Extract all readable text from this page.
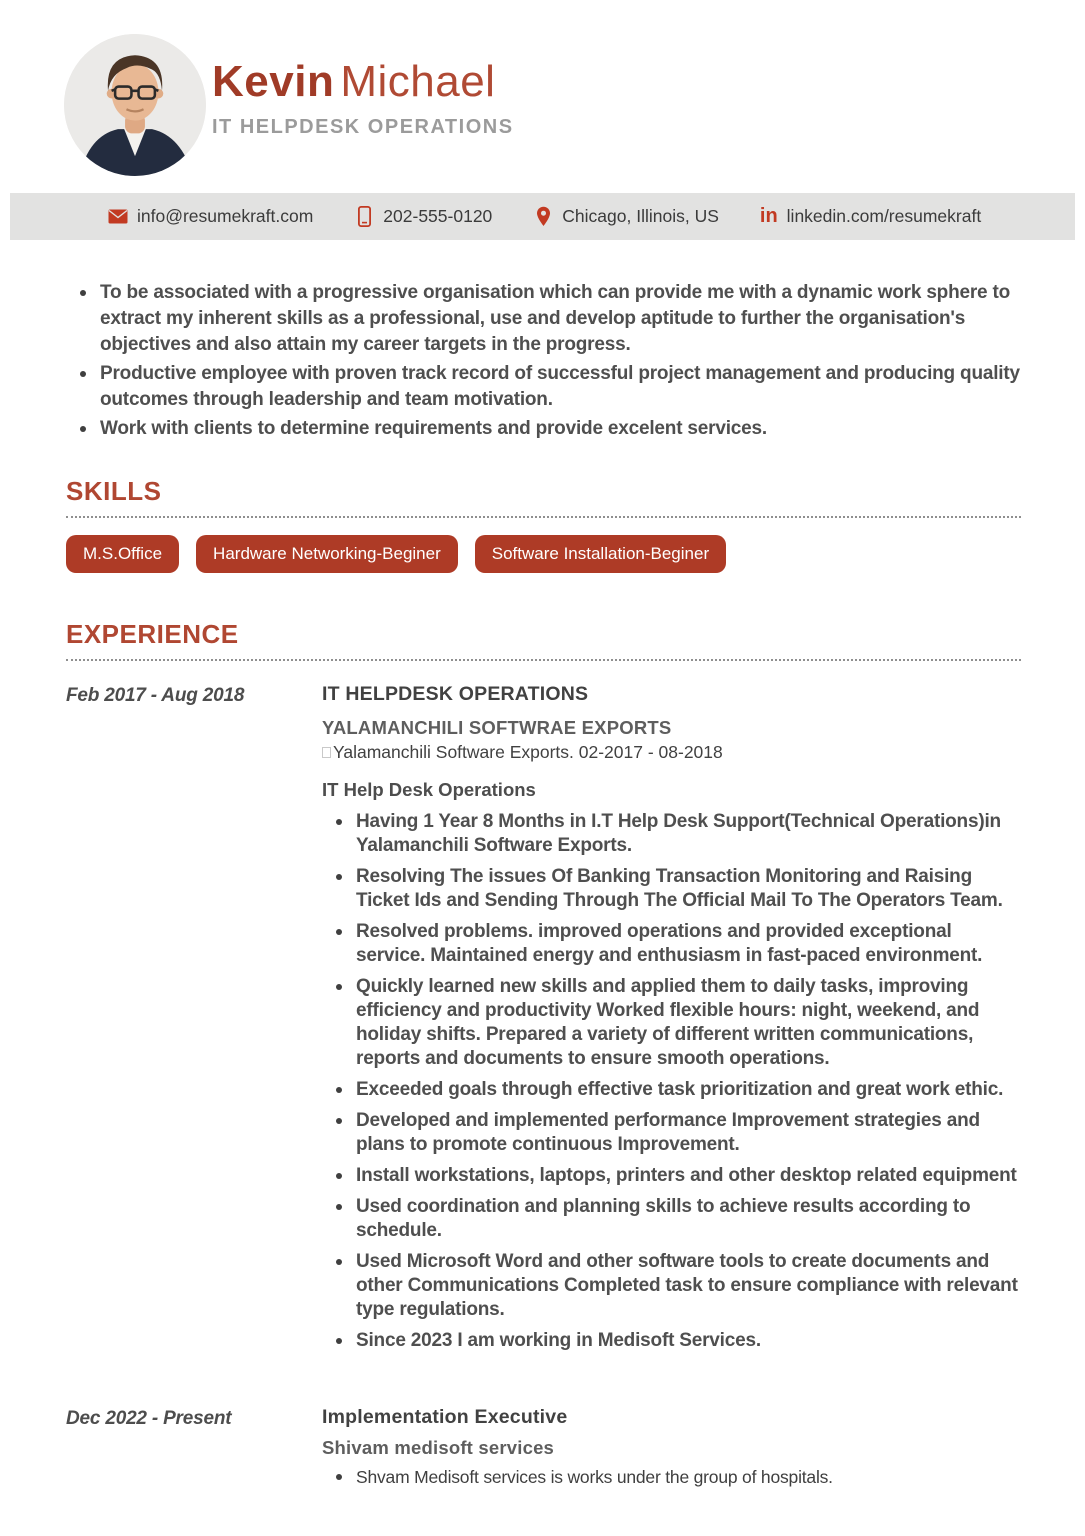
Kevin Michael
IT HELPDESK OPERATIONS
info@resumekraft.com	202-555-0120	Chicago, Illinois, US in linkedin.com/resumekraft
To be associated with a progressive organisation which can provide me with a dynamic work sphere to extract my inherent skills as a professional, use and develop aptitude to further the organisation's objectives and also attain my career targets in the progress.
Productive employee with proven track record of successful project management and producing quality outcomes through leadership and team motivation.
Work with clients to determine requirements and provide excelent services.
SKILLS
M.S.Office	Hardware Networking-Beginer	Software Installation-Beginer
EXPERIENCE
Feb 2017 - Aug 2018	IT HELPDESK OPERATIONS
YALAMANCHILI SOFTWRAE EXPORTS
Yalamanchili Software Exports. 02-2017 - 08-2018
IT Help Desk Operations
Having 1 Year 8 Months in I.T Help Desk Support(Technical Operations)in Yalamanchili Software Exports.
Resolving The issues Of Banking Transaction Monitoring and Raising Ticket Ids and Sending Through The Official Mail To The Operators Team.
Resolved problems. improved operations and provided exceptional service. Maintained energy and enthusiasm in fast-paced environment.
Quickly learned new skills and applied them to daily tasks, improving efficiency and productivity Worked flexible hours: night, weekend, and holiday shifts. Prepared a variety of different written communications, reports and documents to ensure smooth operations.
Exceeded goals through effective task prioritization and great work ethic.
Developed and implemented performance Improvement strategies and plans to promote continuous Improvement.
Install workstations, laptops, printers and other desktop related equipment
Used coordination and planning skills to achieve results according to schedule.
Used Microsoft Word and other software tools to create documents and other Communications Completed task to ensure compliance with relevant type regulations.
Since 2023 I am working in Medisoft Services.
Dec 2022 - Present	Implementation Executive
Shivam medisoft services
Shvam Medisoft services is works under the group of hospitals.
